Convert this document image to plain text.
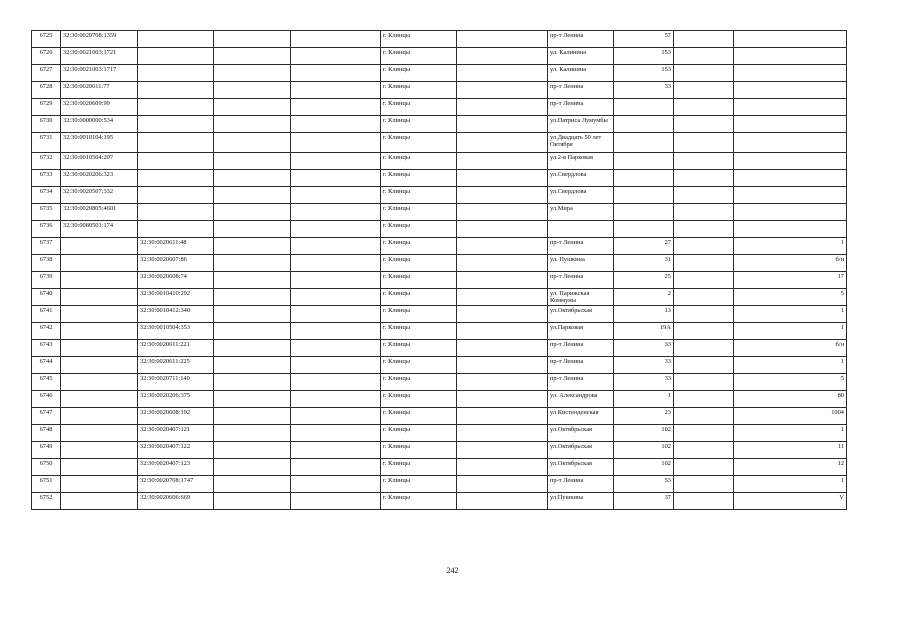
6725	32:30:0020708:1359				г. Клинцы		пр-т Ленина	57		
6726	32:30:0021003:1721				г. Клинцы		ул. Калинина	153		
6727	32:30:0021003:1717				г. Клинцы		ул. Калинина	153		
6728	32:30:0020611:77				г. Клинцы		пр-т Ленина	33		
6729	32:30:0020609:99				г. Клинцы		пр-т Ленина			
6730	32:30:0000000:534				г. Клинцы		ул.Патриса Лумумбы			
6731	32:30:0010104:195				г. Клинцы		ул.Двадцать 50 лет Октября			
6732	32:30:0010504:207				г. Клинцы		ул.2-я Парковая			
6733	32:30:0020206:323				г. Клинцы		ул.Свердлова			
6734	32:30:0020507:332				г. Клинцы		ул.Свердлова			
6735	32:30:0020805:4601				г. Клинцы		ул.Мира			
6736	32:30:0080501:174				г. Клинцы					
6737		32:30:0020611:48			г. Клинцы		пр-т Ленина	27		1
6738		32:30:0020607:86			г. Клинцы		ул. Пушкина	31		б/н
6739		32:30:0020608:74			г. Клинцы		пр-т Ленина	25		17
6740		32:30:0010410:292			г. Клинцы		ул. Парижская Коммуны	2		5
6741		32:30:0010412:340			г. Клинцы		ул.Октябрьская	13		1
6742		32:30:0010504:353			г. Клинцы		ул.Парковая	19А		1
6743		32:30:0020611:221			г. Клинцы		пр-т Ленина	33		б/н
6744		32:30:0020611:225			г. Клинцы		пр-т Ленина	33		1
6745		32:30:0020711:140			г. Клинцы		пр-т Ленина	33		5
6746		32:30:0020206:375			г. Клинцы		ул. Александрова	1		80
6747		32:30:0020608:192			г. Клинцы		ул.Кистенденская	23		1004
6748		32:30:0020407:121			г. Клинцы		ул.Октябрьская	102		1
6749		32:30:0020407:122			г. Клинцы		ул.Октябрьская	102		11
6750		32:30:0020407:123			г. Клинцы		ул.Октябрьская	102		12
6751		32:30:0020708:1747			г. Клинцы		пр-т Ленина	53		1
6752		32:30:0020606:669			г. Клинцы		ул.Пушкина	37		V
242
